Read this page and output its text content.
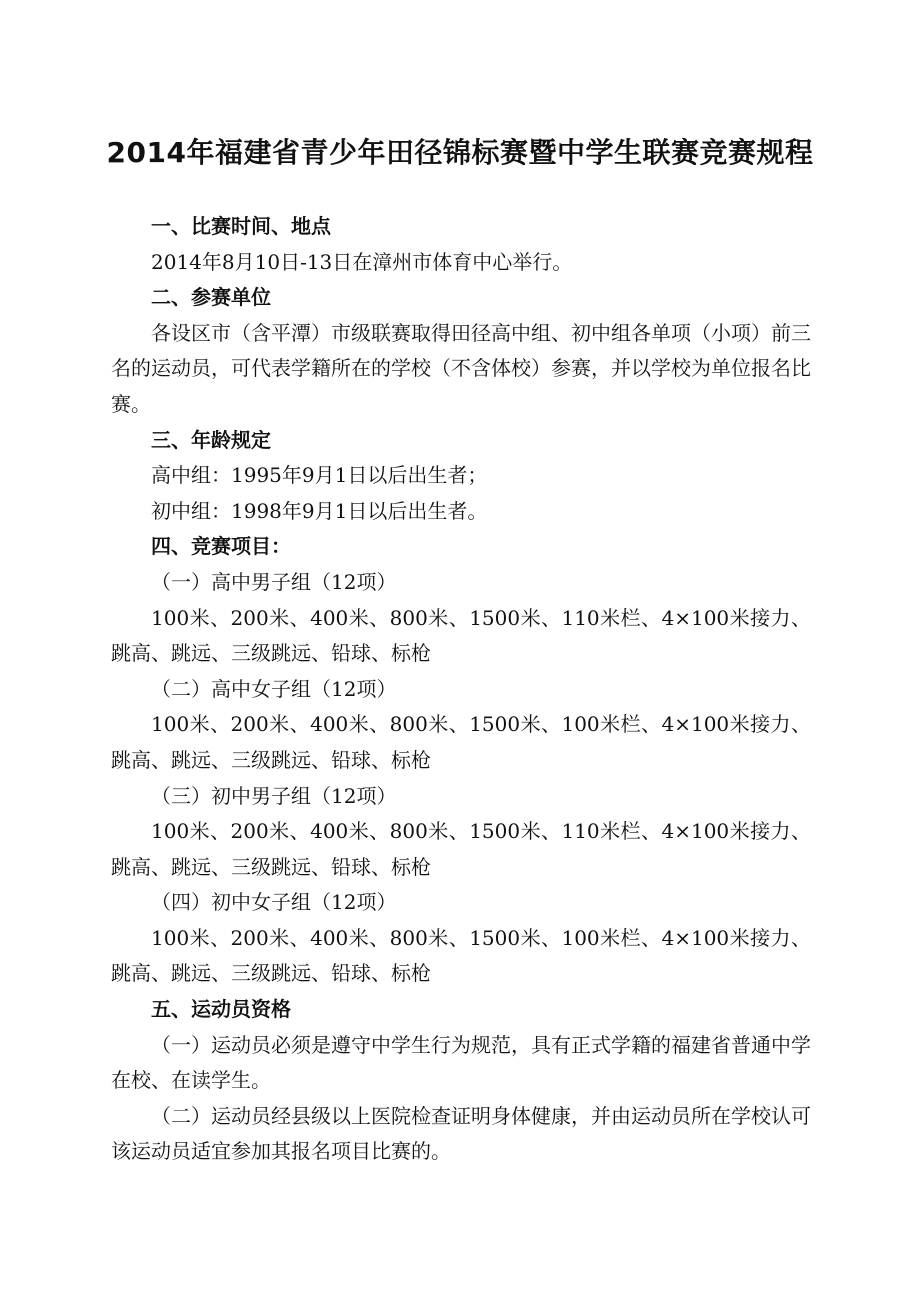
2014年福建省青少年田径锦标赛暨中学生联赛竞赛规程

一、比赛时间、地点

2014年8月10日-13日在漳州市体育中心举行。

二、参赛单位

各设区市（含平潭）市级联赛取得田径高中组、初中组各单项（小项）前三名的运动员，可代表学籍所在的学校（不含体校）参赛，并以学校为单位报名比赛。

三、年龄规定

高中组：1995年9月1日以后出生者；

初中组：1998年9月1日以后出生者。

四、竞赛项目：

（一）高中男子组（12项）

100米、200米、400米、800米、1500米、110米栏、4×100米接力、跳高、跳远、三级跳远、铅球、标枪

（二）高中女子组（12项）

100米、200米、400米、800米、1500米、100米栏、4×100米接力、跳高、跳远、三级跳远、铅球、标枪

（三）初中男子组（12项）

100米、200米、400米、800米、1500米、110米栏、4×100米接力、跳高、跳远、三级跳远、铅球、标枪

（四）初中女子组（12项）

100米、200米、400米、800米、1500米、100米栏、4×100米接力、跳高、跳远、三级跳远、铅球、标枪

五、运动员资格

（一）运动员必须是遵守中学生行为规范，具有正式学籍的福建省普通中学在校、在读学生。

（二）运动员经县级以上医院检查证明身体健康，并由运动员所在学校认可该运动员适宜参加其报名项目比赛的。
